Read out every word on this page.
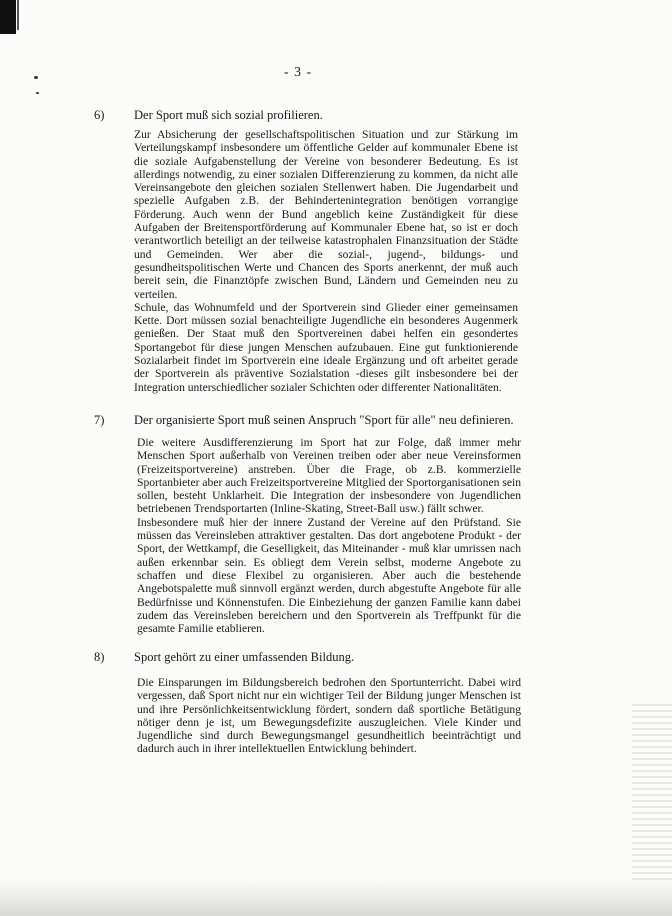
- 3 -
6) Der Sport muß sich sozial profilieren.
Zur Absicherung der gesellschaftspolitischen Situation und zur Stärkung im Verteilungskampf insbesondere um öffentliche Gelder auf kommunaler Ebene ist die soziale Aufgabenstellung der Vereine von besonderer Bedeutung. Es ist allerdings notwendig, zu einer sozialen Differenzierung zu kommen, da nicht alle Vereinsangebote den gleichen sozialen Stellenwert haben. Die Jugendarbeit und spezielle Aufgaben z.B. der Behindertenintegration benötigen vorrangige Förderung. Auch wenn der Bund angeblich keine Zuständigkeit für diese Aufgaben der Breitensportförderung auf Kommunaler Ebene hat, so ist er doch verantwortlich beteiligt an der teilweise katastrophalen Finanzsituation der Städte und Gemeinden. Wer aber die sozial-, jugend-, bildungs- und gesundheitspolitischen Werte und Chancen des Sports anerkennt, der muß auch bereit sein, die Finanztöpfe zwischen Bund, Ländern und Gemeinden neu zu verteilen.
Schule, das Wohnumfeld und der Sportverein sind Glieder einer gemeinsamen Kette. Dort müssen sozial benachteiligte Jugendliche ein besonderes Augenmerk genießen. Der Staat muß den Sportvereinen dabei helfen ein gesondertes Sportangebot für diese jungen Menschen aufzubauen. Eine gut funktionierende Sozialarbeit findet im Sportverein eine ideale Ergänzung und oft arbeitet gerade der Sportverein als präventive Sozialstation -dieses gilt insbesondere bei der Integration unterschiedlicher sozialer Schichten oder differenter Nationalitäten.
7) Der organisierte Sport muß seinen Anspruch "Sport für alle" neu definieren.
Die weitere Ausdifferenzierung im Sport hat zur Folge, daß immer mehr Menschen Sport außerhalb von Vereinen treiben oder aber neue Vereinsformen (Freizeitsportvereine) anstreben. Über die Frage, ob z.B. kommerzielle Sportanbieter aber auch Freizeitsportvereine Mitglied der Sportorganisationen sein sollen, besteht Unklarheit. Die Integration der insbesondere von Jugendlichen betriebenen Trendsportarten (Inline-Skating, Street-Ball usw.) fällt schwer.
Insbesondere muß hier der innere Zustand der Vereine auf den Prüfstand. Sie müssen das Vereinsleben attraktiver gestalten. Das dort angebotene Produkt - der Sport, der Wettkampf, die Geselligkeit, das Miteinander - muß klar umrissen nach außen erkennbar sein. Es obliegt dem Verein selbst, moderne Angebote zu schaffen und diese Flexibel zu organisieren. Aber auch die bestehende Angebotspalette muß sinnvoll ergänzt werden, durch abgestufte Angebote für alle Bedürfnisse und Könnenstufen. Die Einbeziehung der ganzen Familie kann dabei zudem das Vereinsleben bereichern und den Sportverein als Treffpunkt für die gesamte Familie etablieren.
8) Sport gehört zu einer umfassenden Bildung.
Die Einsparungen im Bildungsbereich bedrohen den Sportunterricht. Dabei wird vergessen, daß Sport nicht nur ein wichtiger Teil der Bildung junger Menschen ist und ihre Persönlichkeitsentwicklung fördert, sondern daß sportliche Betätigung nötiger denn je ist, um Bewegungsdefizite auszugleichen. Viele Kinder und Jugendliche sind durch Bewegungsmangel gesundheitlich beeinträchtigt und dadurch auch in ihrer intellektuellen Entwicklung behindert.
